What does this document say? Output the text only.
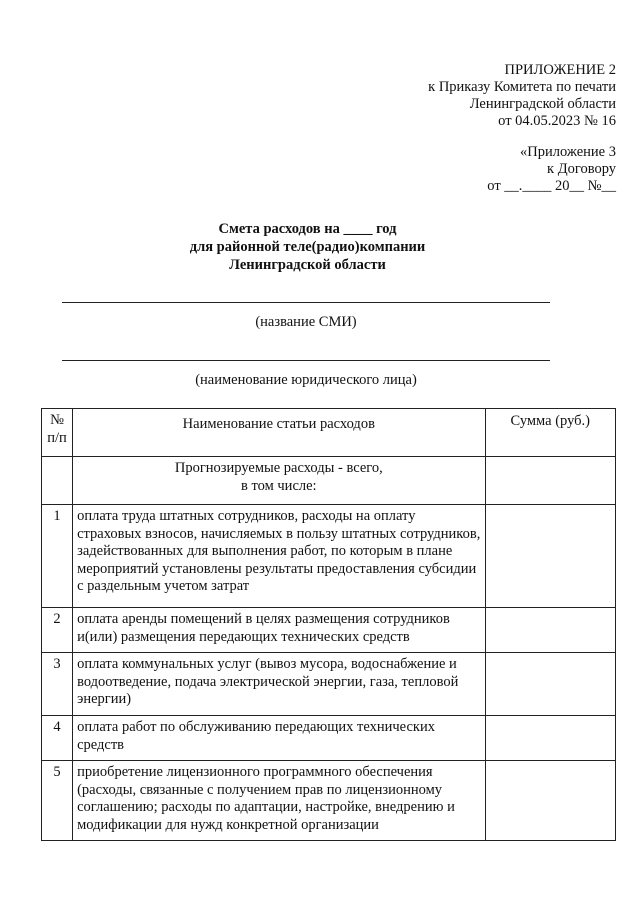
ПРИЛОЖЕНИЕ 2
к Приказу Комитета по печати
Ленинградской области
от 04.05.2023 № 16
«Приложение 3
к Договору
от __.____ 20__ №__
Смета расходов на ____ год
для районной теле(радио)компании
Ленинградской области
(название СМИ)
(наименование юридического лица)
№
п/п	Наименование статьи расходов	Сумма (руб.)

	Прогнозируемые расходы - всего,
в том числе:	

1	оплата труда штатных сотрудников, расходы на оплату страховых взносов, начисляемых в пользу штатных сотрудников, задействованных для выполнения работ, по которым в плане мероприятий установлены результаты предоставления субсидии с раздельным учетом затрат	
2	оплата аренды помещений в целях размещения сотрудников и(или) размещения передающих технических средств	
3	оплата коммунальных услуг (вывоз мусора, водоснабжение и водоотведение, подача электрической энергии, газа, тепловой энергии)	
4	оплата работ по обслуживанию передающих технических средств	
5	приобретение лицензионного программного обеспечения (расходы, связанные с получением прав по лицензионному соглашению; расходы по адаптации, настройке, внедрению и модификации для нужд конкретной организации	
